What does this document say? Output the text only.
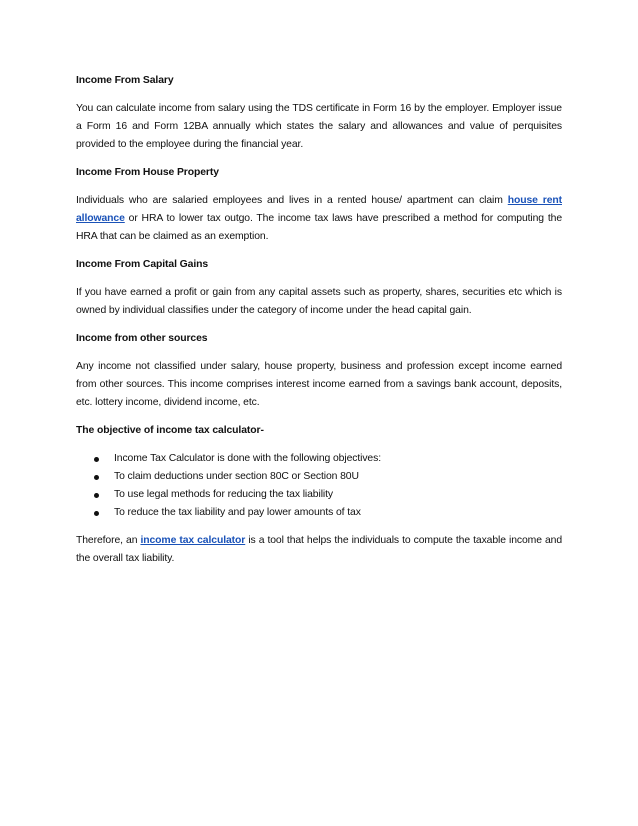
Income From Salary
You can calculate income from salary using the TDS certificate in Form 16 by the employer. Employer issue a Form 16 and Form 12BA annually which states the salary and allowances and value of perquisites provided to the employee during the financial year.
Income From House Property
Individuals who are salaried employees and lives in a rented house/ apartment can claim house rent allowance or HRA to lower tax outgo. The income tax laws have prescribed a method for computing the HRA that can be claimed as an exemption.
Income From Capital Gains
If you have earned a profit or gain from any capital assets such as property, shares, securities etc which is owned by individual classifies under the category of income under the head capital gain.
Income from other sources
Any income not classified under salary, house property, business and profession except income earned from other sources. This income comprises interest income earned from a savings bank account, deposits, etc. lottery income, dividend income, etc.
The objective of income tax calculator-
Income Tax Calculator is done with the following objectives:
To claim deductions under section 80C or Section 80U
To use legal methods for reducing the tax liability
To reduce the tax liability and pay lower amounts of tax
Therefore, an income tax calculator is a tool that helps the individuals to compute the taxable income and the overall tax liability.
